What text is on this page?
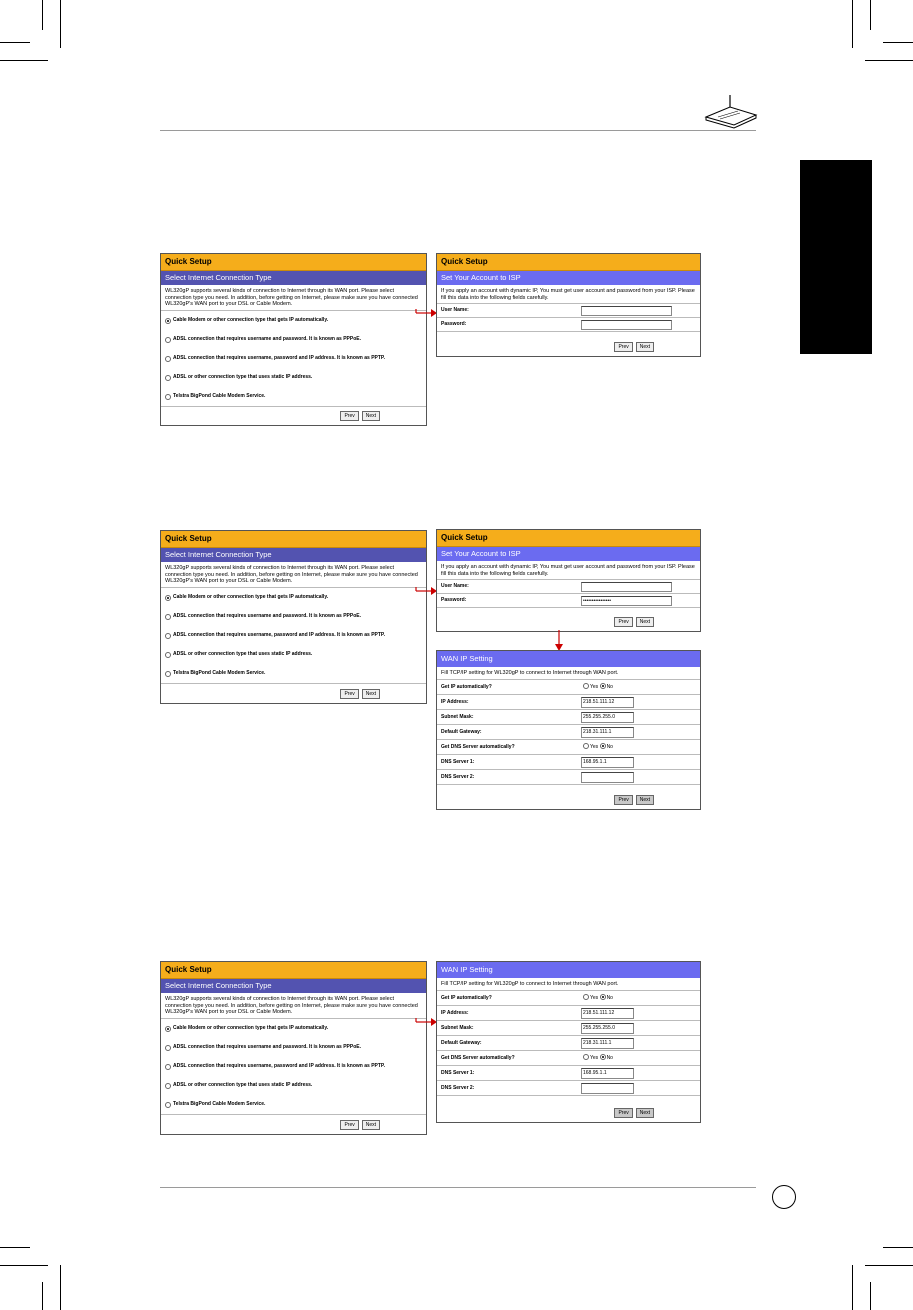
Quick Setup
Select Internet Connection Type
WL320gP supports several kinds of connection to Internet through its WAN port. Please select connection type you need. In addition, before getting on Internet, please make sure you have connected WL320gP's WAN port to your DSL or Cable Modem.
Cable Modem or other connection type that gets IP automatically.
ADSL connection that requires username and password. It is known as PPPoE.
ADSL connection that requires username, password and IP address. It is known as PPTP.
ADSL or other connection type that uses static IP address.
Telstra BigPond Cable Modem Service.
Prev	Next
Quick Setup
Set Your Account to ISP
If you apply an account with dynamic IP, You must get user account and password from your ISP. Please fill this data into the following fields carefully.
User Name:
Password:
Prev	Next
Quick Setup
Select Internet Connection Type
WL320gP supports several kinds of connection to Internet through its WAN port. Please select connection type you need. In addition, before getting on Internet, please make sure you have connected WL320gP's WAN port to your DSL or Cable Modem.
Cable Modem or other connection type that gets IP automatically.
ADSL connection that requires username and password. It is known as PPPoE.
ADSL connection that requires username, password and IP address. It is known as PPTP.
ADSL or other connection type that uses static IP address.
Telstra BigPond Cable Modem Service.
Prev	Next
Quick Setup
Set Your Account to ISP
If you apply an account with dynamic IP, You must get user account and password from your ISP. Please fill this data into the following fields carefully.
User Name:
Password:	••••••••••••••••
Prev	Next
WAN IP Setting
Fill TCP/IP setting for WL320gP to connect to Internet through WAN port.
Get IP automatically?	Yes No
IP Address:	218.51.111.12
Subnet Mask:	255.255.255.0
Default Gateway:	218.31.111.1
Get DNS Server automatically?	Yes No
DNS Server 1:	168.95.1.1
DNS Server 2:
Prev	Next
Quick Setup
Select Internet Connection Type
WL320gP supports several kinds of connection to Internet through its WAN port. Please select connection type you need. In addition, before getting on Internet, please make sure you have connected WL320gP's WAN port to your DSL or Cable Modem.
Cable Modem or other connection type that gets IP automatically.
ADSL connection that requires username and password. It is known as PPPoE.
ADSL connection that requires username, password and IP address. It is known as PPTP.
ADSL or other connection type that uses static IP address.
Telstra BigPond Cable Modem Service.
Prev	Next
WAN IP Setting
Fill TCP/IP setting for WL320gP to connect to Internet through WAN port.
Get IP automatically?	Yes No
IP Address:	218.51.111.12
Subnet Mask:	255.255.255.0
Default Gateway:	218.31.111.1
Get DNS Server automatically?	Yes No
DNS Server 1:	168.95.1.1
DNS Server 2:
Prev	Next
